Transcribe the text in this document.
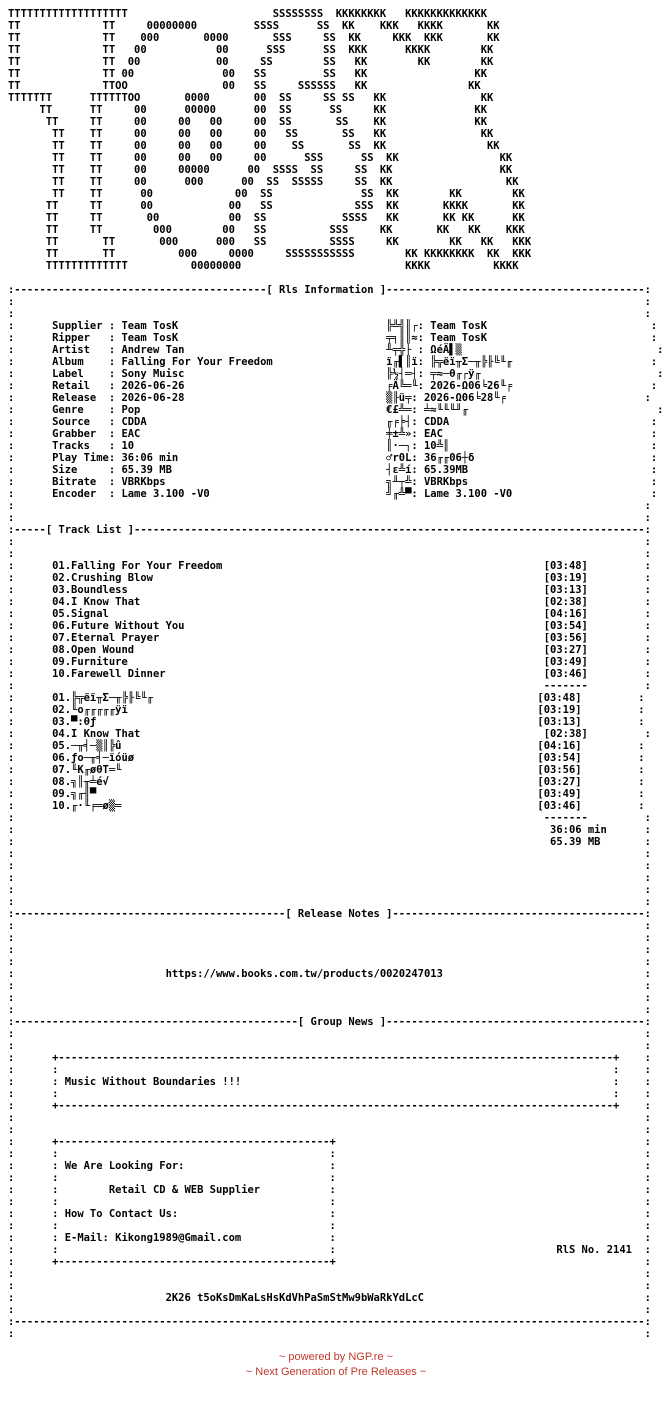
TTTTTTTTTTTTTTTTTTT                       SSSSSSSS  KKKKKKKK   KKKKKKKKKKKKK
TT             TT     00000000         SSSS      SS  KK    KKK   KKKK       KK
TT             TT    000       0000       SSS     SS  KK     KKK  KKK       KK
TT             TT   00           00      SSS      SS  KKK      KKKK        KK
TT             TT  00            00     SS        SS   KK        KK        KK
TT             TT 00              00   SS         SS   KK                 KK
TT             TTOO               00   SS     SSSSSS   KK                KK
TTTTTTT      TTTTTTOO       0000       00  SS     SS SS   KK               KK
TT      TT     00      00000      00  SS      SS     KK              KK
TT     TT     00     00   00     00  SS       SS    KK              KK
TT    TT     00     00   00     00   SS       SS   KK               KK
TT    TT     00     00   00     00    SS       SS  KK                KK
TT    TT     00     00   00     00      SSS      SS  KK                KK
TT    TT     00     00000      00  SSSS  SS     SS  KK                 KK
TT    TT     00      000      00  SS  SSSSS     SS  KK                  KK
TT    TT      00             00  SS              SS  KK        KK        KK
TT     TT      00            00   SS             SSS  KK       KKKK       KK
TT     TT       00           00  SS            SSSS   KK       KK KK      KK
TT     TT        000        00   SS          SSS     KK       KK   KK    KKK
TT       TT       000      000   SS          SSSS     KK        KK   KK   KKK
TT       TT          000     0000     SSSSSSSSSSS        KK KKKKKKKK  KK  KKK
TTTTTTTTTTTTT          00000000                          KKKK          KKKK

:----------------------------------------[ Rls Information ]-----------------------------------------:
:                                                                                                    :
:                                                                                                    :
:      Supplier : Team TosK                                 ╠╩╣║┌: Team TosK                          :
:      Ripper   : Team TosK                                 ╤╕║║≈: Team TosK                          :
:      Artist   : Andrew Tan                                ╨╤╬├ : ΩéÄ▌▒                               :
:      Album    : Falling For Your Freedom                  ï╓▌║ï: ╠╦ëï╥Σ─╥╠╟╚╙╓                      :
:      Label    : Sony Muisc                                ╠½┤═┤: ╤≈─θ╓┌ÿ╓                            :
:      Retail   : 2026-06-26                                ╒Ä╚═╙: 2026-Ω06╘26╙╒                      :
:      Release  : 2026-06-28                                ▒╟ü╤: 2026-Ω06╘28╙╒                      :
:      Genre    : Pop                                       €£╩═: ╧≈╙╙╙╜╓                              :
:      Source   : CDDA                                      ╓╒╞┤: CDDA                                :
:      Grabber  : EAC                                       ╪±╩»: EAC                                 :
:      Tracks   : 10                                        ║·─┐: 10╩║                                :
:      Play Time: 36:06 min                                 ♂r0L: 36╓╓06┼δ                            :
:      Size     : 65.39 MB                                  ┤ε╩í: 65.39MB                             :
:      Bitrate  : VBRKbps                                   ╗╨┬╩: VBRKbps                             :
:      Encoder  : Lame 3.100 -V0                            ╝╓╩▀: Lame 3.100 -V0                      :
:                                                                                                    :
:                                                                                                    :
:-----[ Track List ]---------------------------------------------------------------------------------:
:                                                                                                    :
:                                                                                                    :
:      01.Falling For Your Freedom                                                   [03:48]         :
:      02.Crushing Blow                                                              [03:19]         :
:      03.Boundless                                                                  [03:13]         :
:      04.I Know That                                                                [02:38]         :
:      05.Signal                                                                     [04:16]         :
:      06.Future Without You                                                         [03:54]         :
:      07.Eternal Prayer                                                             [03:56]         :
:      08.Open Wound                                                                 [03:27]         :
:      09.Furniture                                                                  [03:49]         :
:      10.Farewell Dinner                                                            [03:46]         :
:                                                                                    -------         :
:      01.╠╦ëï╥Σ─╥╠╟╚╙╓                                                             [03:48]         :
:      02.╙o╓╓╓╓╓ÿï                                                                 [03:19]         :
:      03.▀:θƒ                                                                      [03:13]         :
:      04.I Know That                                                                [02:38]         :
:      05.─╥╡─▒║╠û                                                                  [04:16]         :
:      06.ƒo─╥╡─ïóüø                                                                [03:54]         :
:      07.╙K╓øθT═╙                                                                  [03:56]         :
:      08.╗║╥╧é√                                                                    [03:27]         :
:      09.╗╓╢▀                                                                      [03:49]         :
:      10.╓·╙╒═ø▒═                                                                  [03:46]         :
:                                                                                    -------         :
:                                                                                     36:06 min      :
:                                                                                     65.39 MB       :
:                                                                                                    :
:                                                                                                    :
:                                                                                                    :
:                                                                                                    :
:                                                                                                    :
:-------------------------------------------[ Release Notes ]----------------------------------------:
:                                                                                                    :
:                                                                                                    :
:                                                                                                    :
:                                                                                                    :
:                        https://www.books.com.tw/products/0020247013                                :
:                                                                                                    :
:                                                                                                    :
:                                                                                                    :
:---------------------------------------------[ Group News ]-----------------------------------------:
:                                                                                                    :
:                                                                                                    :
:      +----------------------------------------------------------------------------------------+    :
:      :                                                                                        :    :
:      : Music Without Boundaries !!!                                                           :    :
:      :                                                                                        :    :
:      +----------------------------------------------------------------------------------------+    :
:                                                                                                    :
:                                                                                                    :
:      +-------------------------------------------+                                                 :
:      :                                           :                                                 :
:      : We Are Looking For:                       :                                                 :
:      :                                           :                                                 :
:      :        Retail CD & WEB Supplier           :                                                 :
:      :                                           :                                                 :
:      : How To Contact Us:                        :                                                 :
:      :                                           :                                                 :
:      : E-Mail: Kikong1989@Gmail.com              :                                                 :
:      :                                           :                                   RlS No. 2141  :
:      +-------------------------------------------+                                                 :
:                                                                                                    :
:                                                                                                    :
:                        2K26 t5oKsDmKaLsHsKdVhPaSmStMw9bWaRkYdLcC                                   :
:                                                                                                    :
:----------------------------------------------------------------------------------------------------:
:                                                                                                    :
~ powered by NGP.re ~
~ Next Generation of Pre Releases ~
